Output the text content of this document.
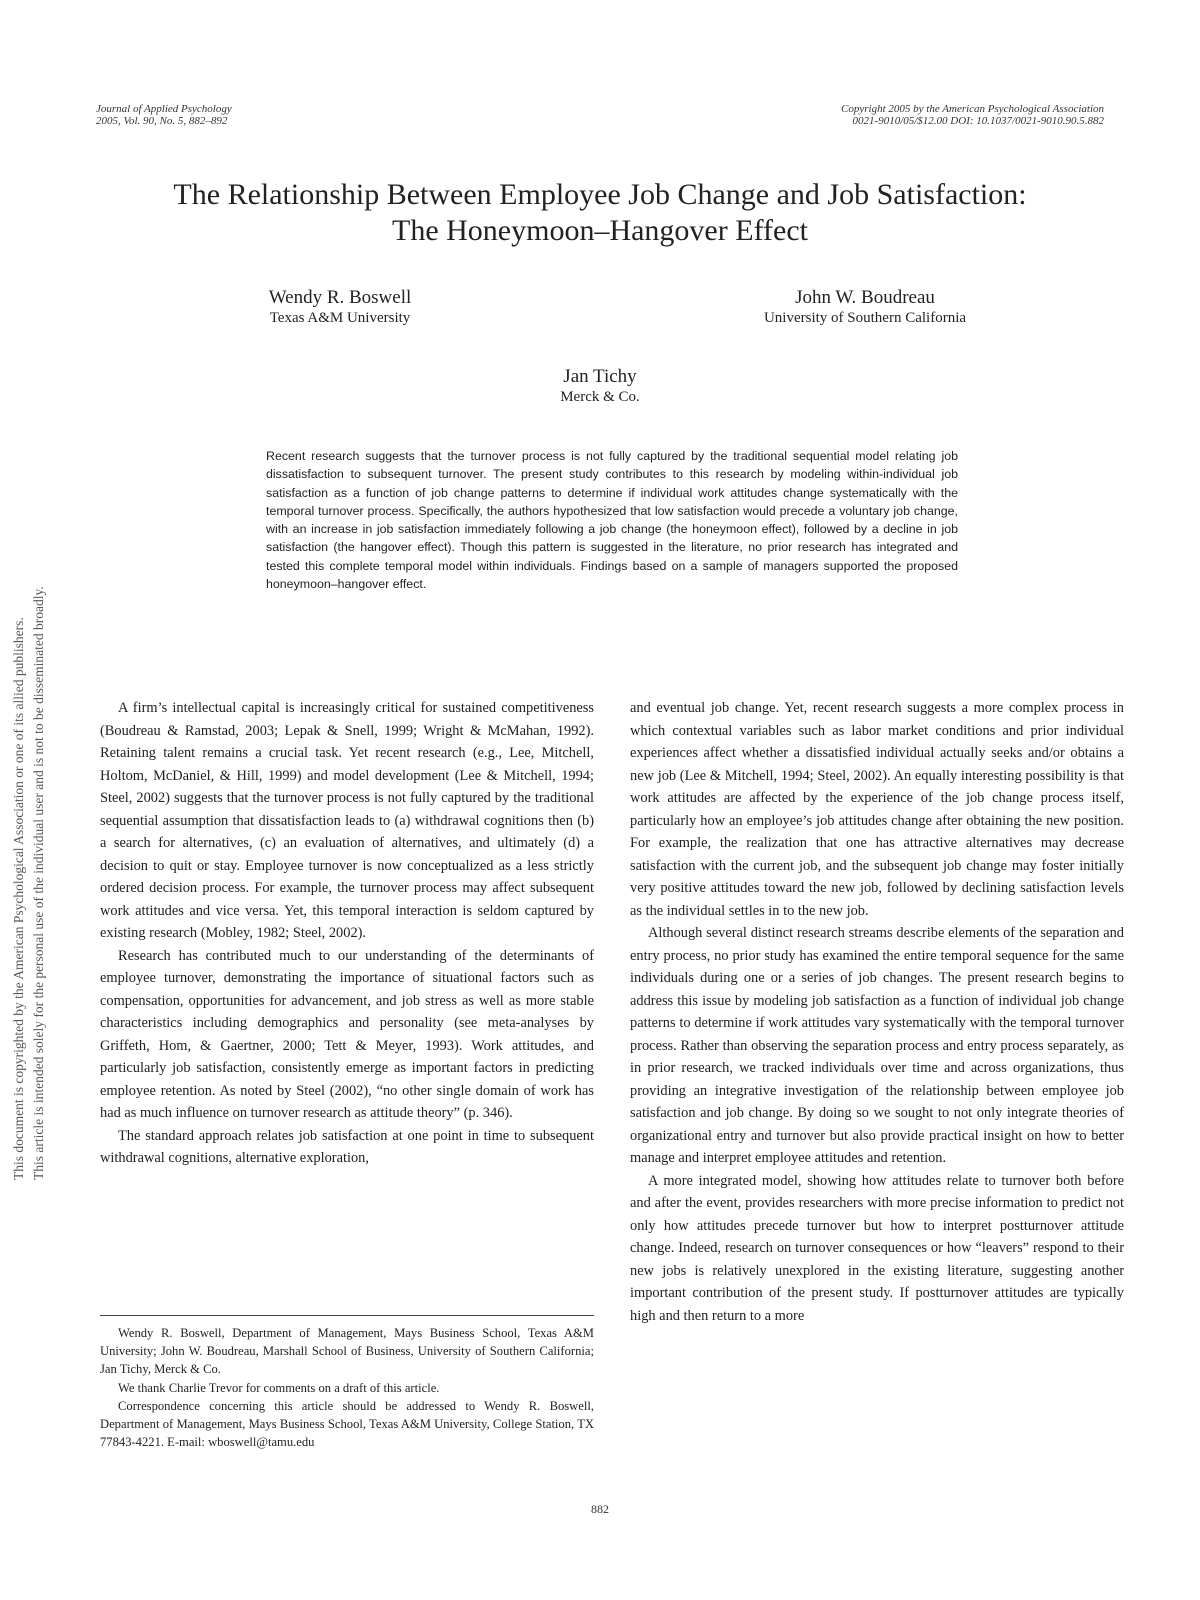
Journal of Applied Psychology
2005, Vol. 90, No. 5, 882–892
Copyright 2005 by the American Psychological Association
0021-9010/05/$12.00 DOI: 10.1037/0021-9010.90.5.882
The Relationship Between Employee Job Change and Job Satisfaction:
The Honeymoon–Hangover Effect
Wendy R. Boswell
Texas A&M University
John W. Boudreau
University of Southern California
Jan Tichy
Merck & Co.
Recent research suggests that the turnover process is not fully captured by the traditional sequential model relating job dissatisfaction to subsequent turnover. The present study contributes to this research by modeling within-individual job satisfaction as a function of job change patterns to determine if individual work attitudes change systematically with the temporal turnover process. Specifically, the authors hypothesized that low satisfaction would precede a voluntary job change, with an increase in job satisfaction immediately following a job change (the honeymoon effect), followed by a decline in job satisfaction (the hangover effect). Though this pattern is suggested in the literature, no prior research has integrated and tested this complete temporal model within individuals. Findings based on a sample of managers supported the proposed honeymoon–hangover effect.

A firm’s intellectual capital is increasingly critical for sustained competitiveness (Boudreau & Ramstad, 2003; Lepak & Snell, 1999; Wright & McMahan, 1992). Retaining talent remains a crucial task. Yet recent research (e.g., Lee, Mitchell, Holtom, McDaniel, & Hill, 1999) and model development (Lee & Mitchell, 1994; Steel, 2002) suggests that the turnover process is not fully captured by the traditional sequential assumption that dissatisfaction leads to (a) withdrawal cognitions then (b) a search for alternatives, (c) an evaluation of alternatives, and ultimately (d) a decision to quit or stay. Employee turnover is now conceptualized as a less strictly ordered decision process. For example, the turnover process may affect subsequent work attitudes and vice versa. Yet, this temporal interaction is seldom captured by existing research (Mobley, 1982; Steel, 2002).

Research has contributed much to our understanding of the determinants of employee turnover, demonstrating the importance of situational factors such as compensation, opportunities for advancement, and job stress as well as more stable characteristics including demographics and personality (see meta-analyses by Griffeth, Hom, & Gaertner, 2000; Tett & Meyer, 1993). Work attitudes, and particularly job satisfaction, consistently emerge as important factors in predicting employee retention. As noted by Steel (2002), “no other single domain of work has had as much influence on turnover research as attitude theory” (p. 346).

The standard approach relates job satisfaction at one point in time to subsequent withdrawal cognitions, alternative exploration,

and eventual job change. Yet, recent research suggests a more complex process in which contextual variables such as labor market conditions and prior individual experiences affect whether a dissatisfied individual actually seeks and/or obtains a new job (Lee & Mitchell, 1994; Steel, 2002). An equally interesting possibility is that work attitudes are affected by the experience of the job change process itself, particularly how an employee’s job attitudes change after obtaining the new position. For example, the realization that one has attractive alternatives may decrease satisfaction with the current job, and the subsequent job change may foster initially very positive attitudes toward the new job, followed by declining satisfaction levels as the individual settles in to the new job.

Although several distinct research streams describe elements of the separation and entry process, no prior study has examined the entire temporal sequence for the same individuals during one or a series of job changes. The present research begins to address this issue by modeling job satisfaction as a function of individual job change patterns to determine if work attitudes vary systematically with the temporal turnover process. Rather than observing the separation process and entry process separately, as in prior research, we tracked individuals over time and across organizations, thus providing an integrative investigation of the relationship between employee job satisfaction and job change. By doing so we sought to not only integrate theories of organizational entry and turnover but also provide practical insight on how to better manage and interpret employee attitudes and retention.

A more integrated model, showing how attitudes relate to turnover both before and after the event, provides researchers with more precise information to predict not only how attitudes precede turnover but how to interpret postturnover attitude change. Indeed, research on turnover consequences or how “leavers” respond to their new jobs is relatively unexplored in the existing literature, suggesting another important contribution of the present study. If postturnover attitudes are typically high and then return to a more

Wendy R. Boswell, Department of Management, Mays Business School, Texas A&M University; John W. Boudreau, Marshall School of Business, University of Southern California; Jan Tichy, Merck & Co.

We thank Charlie Trevor for comments on a draft of this article.

Correspondence concerning this article should be addressed to Wendy R. Boswell, Department of Management, Mays Business School, Texas A&M University, College Station, TX 77843-4221. E-mail: wboswell@tamu.edu

882
This document is copyrighted by the American Psychological Association or one of its allied publishers. This article is intended solely for the personal use of the individual user and is not to be disseminated broadly.
